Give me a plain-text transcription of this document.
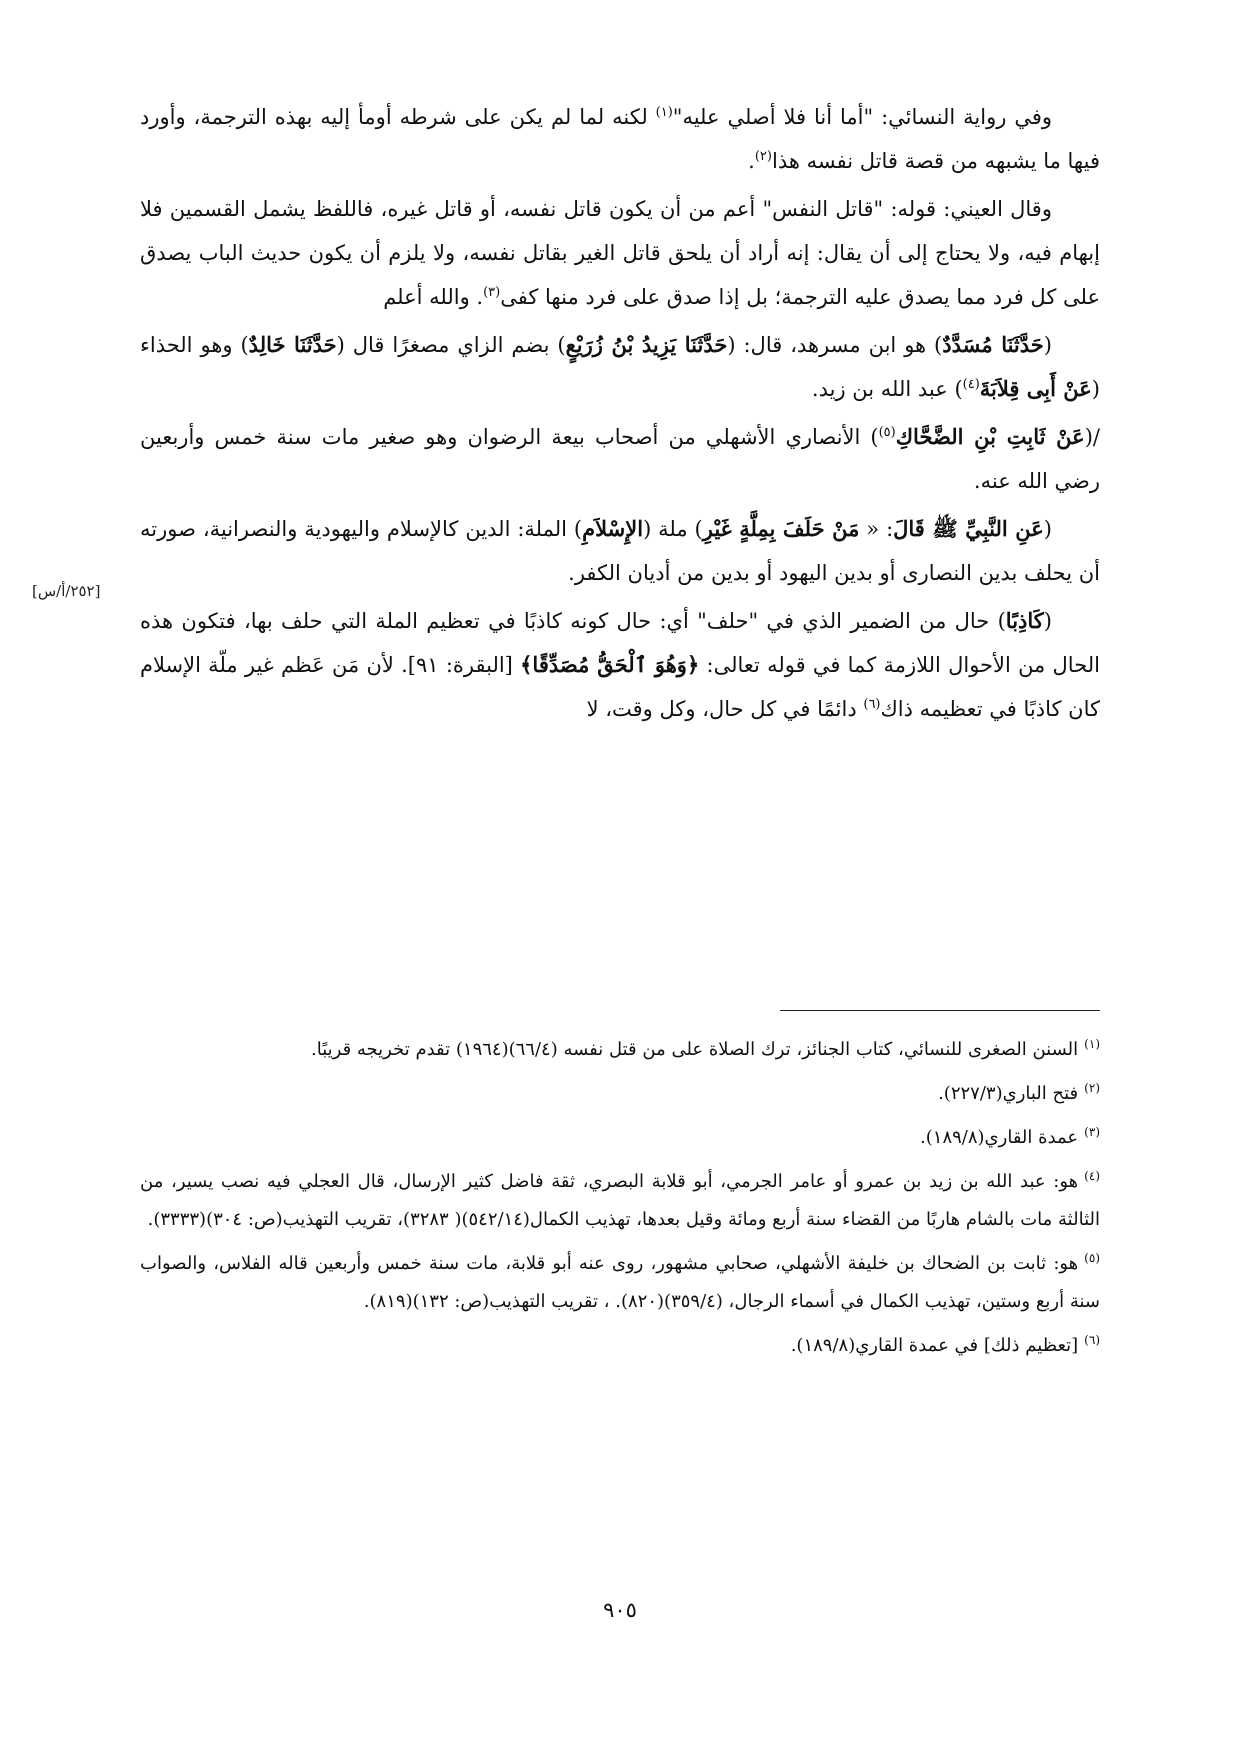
وفي رواية النسائي: "أما أنا فلا أصلي عليه"$^{(١)}$ لكنه لما لم يكن على شرطه أومأ إليه بهذه الترجمة، وأورد فيها ما يشبهه من قصة قاتل نفسه هذا$^{(٢)}$.

وقال العيني: قوله: "قاتل النفس" أعم من أن يكون قاتل نفسه، أو قاتل غيره، فاللفظ يشمل القسمين فلا إبهام فيه، ولا يحتاج إلى أن يقال: إنه أراد أن يلحق قاتل الغير بقاتل نفسه، ولا يلزم أن يكون حديث الباب يصدق على كل فرد مما يصدق عليه الترجمة؛ بل إذا صدق على فرد منها كفى$^{(٣)}$. والله أعلم

(حَدَّثَنَا مُسَدَّدٌ) هو ابن مسرهد، قال: (حَدَّثَنَا يَزِيدُ بْنُ زُرَيْعٍ) بضم الزاي مصغرًا قال (حَدَّثَنَا خَالِدٌ) وهو الحذاء (عَنْ أَبِى قِلاَبَةَ$^{(٤)}$) عبد الله بن زيد.

/(عَنْ ثَابِتِ بْنِ الضَّحَّاكِ$^{(٥)}$) الأنصاري الأشهلي من أصحاب بيعة الرضوان وهو صغير مات سنة خمس وأربعين رضي الله عنه.

(عَنِ النَّبِيِّ ﷺ قَالَ: « مَنْ حَلَفَ بِمِلَّةٍ غَيْرِ) ملة (الإِسْلاَمِ) الملة: الدين كالإسلام واليهودية والنصرانية، صورته أن يحلف بدين النصارى أو بدين اليهود أو بدين من أديان الكفر.

(كَاذِبًا) حال من الضمير الذي في "حلف" أي: حال كونه كاذبًا في تعظيم الملة التي حلف بها، فتكون هذه الحال من الأحوال اللازمة كما في قوله تعالى: ﴿وَهُوَ ٱلْحَقُّ مُصَدِّقًا﴾ [البقرة: ٩١]. لأن مَن عَظم غير ملّة الإسلام كان كاذبًا في تعظيمه ذاك$^{(٦)}$ دائمًا في كل حال، وكل وقت، لا

[٢٥٢/أ/س]

$^{(١)}$السنن الصغرى للنسائي، كتاب الجنائز، ترك الصلاة على من قتل نفسه (٦٦/٤)(١٩٦٤) تقدم تخريجه قريبًا.

$^{(٢)}$فتح الباري(٢٢٧/٣).

$^{(٣)}$عمدة القاري(١٨٩/٨).

$^{(٤)}$هو: عبد الله بن زيد بن عمرو أو عامر الجرمي، أبو قلابة البصري، ثقة فاضل كثير الإرسال، قال العجلي فيه نصب يسير، من الثالثة مات بالشام هاربًا من القضاء سنة أربع ومائة وقيل بعدها، تهذيب الكمال(٥٤٢/١٤)( ٣٢٨٣)، تقريب التهذيب(ص: ٣٠٤)(٣٣٣٣).

$^{(٥)}$هو: ثابت بن الضحاك بن خليفة الأشهلي، صحابي مشهور، روى عنه أبو قلابة، مات سنة خمس وأربعين قاله الفلاس، والصواب سنة أربع وستين، تهذيب الكمال في أسماء الرجال، (٣٥٩/٤)(٨٢٠). ، تقريب التهذيب(ص: ١٣٢)(٨١٩).

$^{(٦)}$[تعظيم ذلك] في عمدة القاري(١٨٩/٨).

٩٠٥
